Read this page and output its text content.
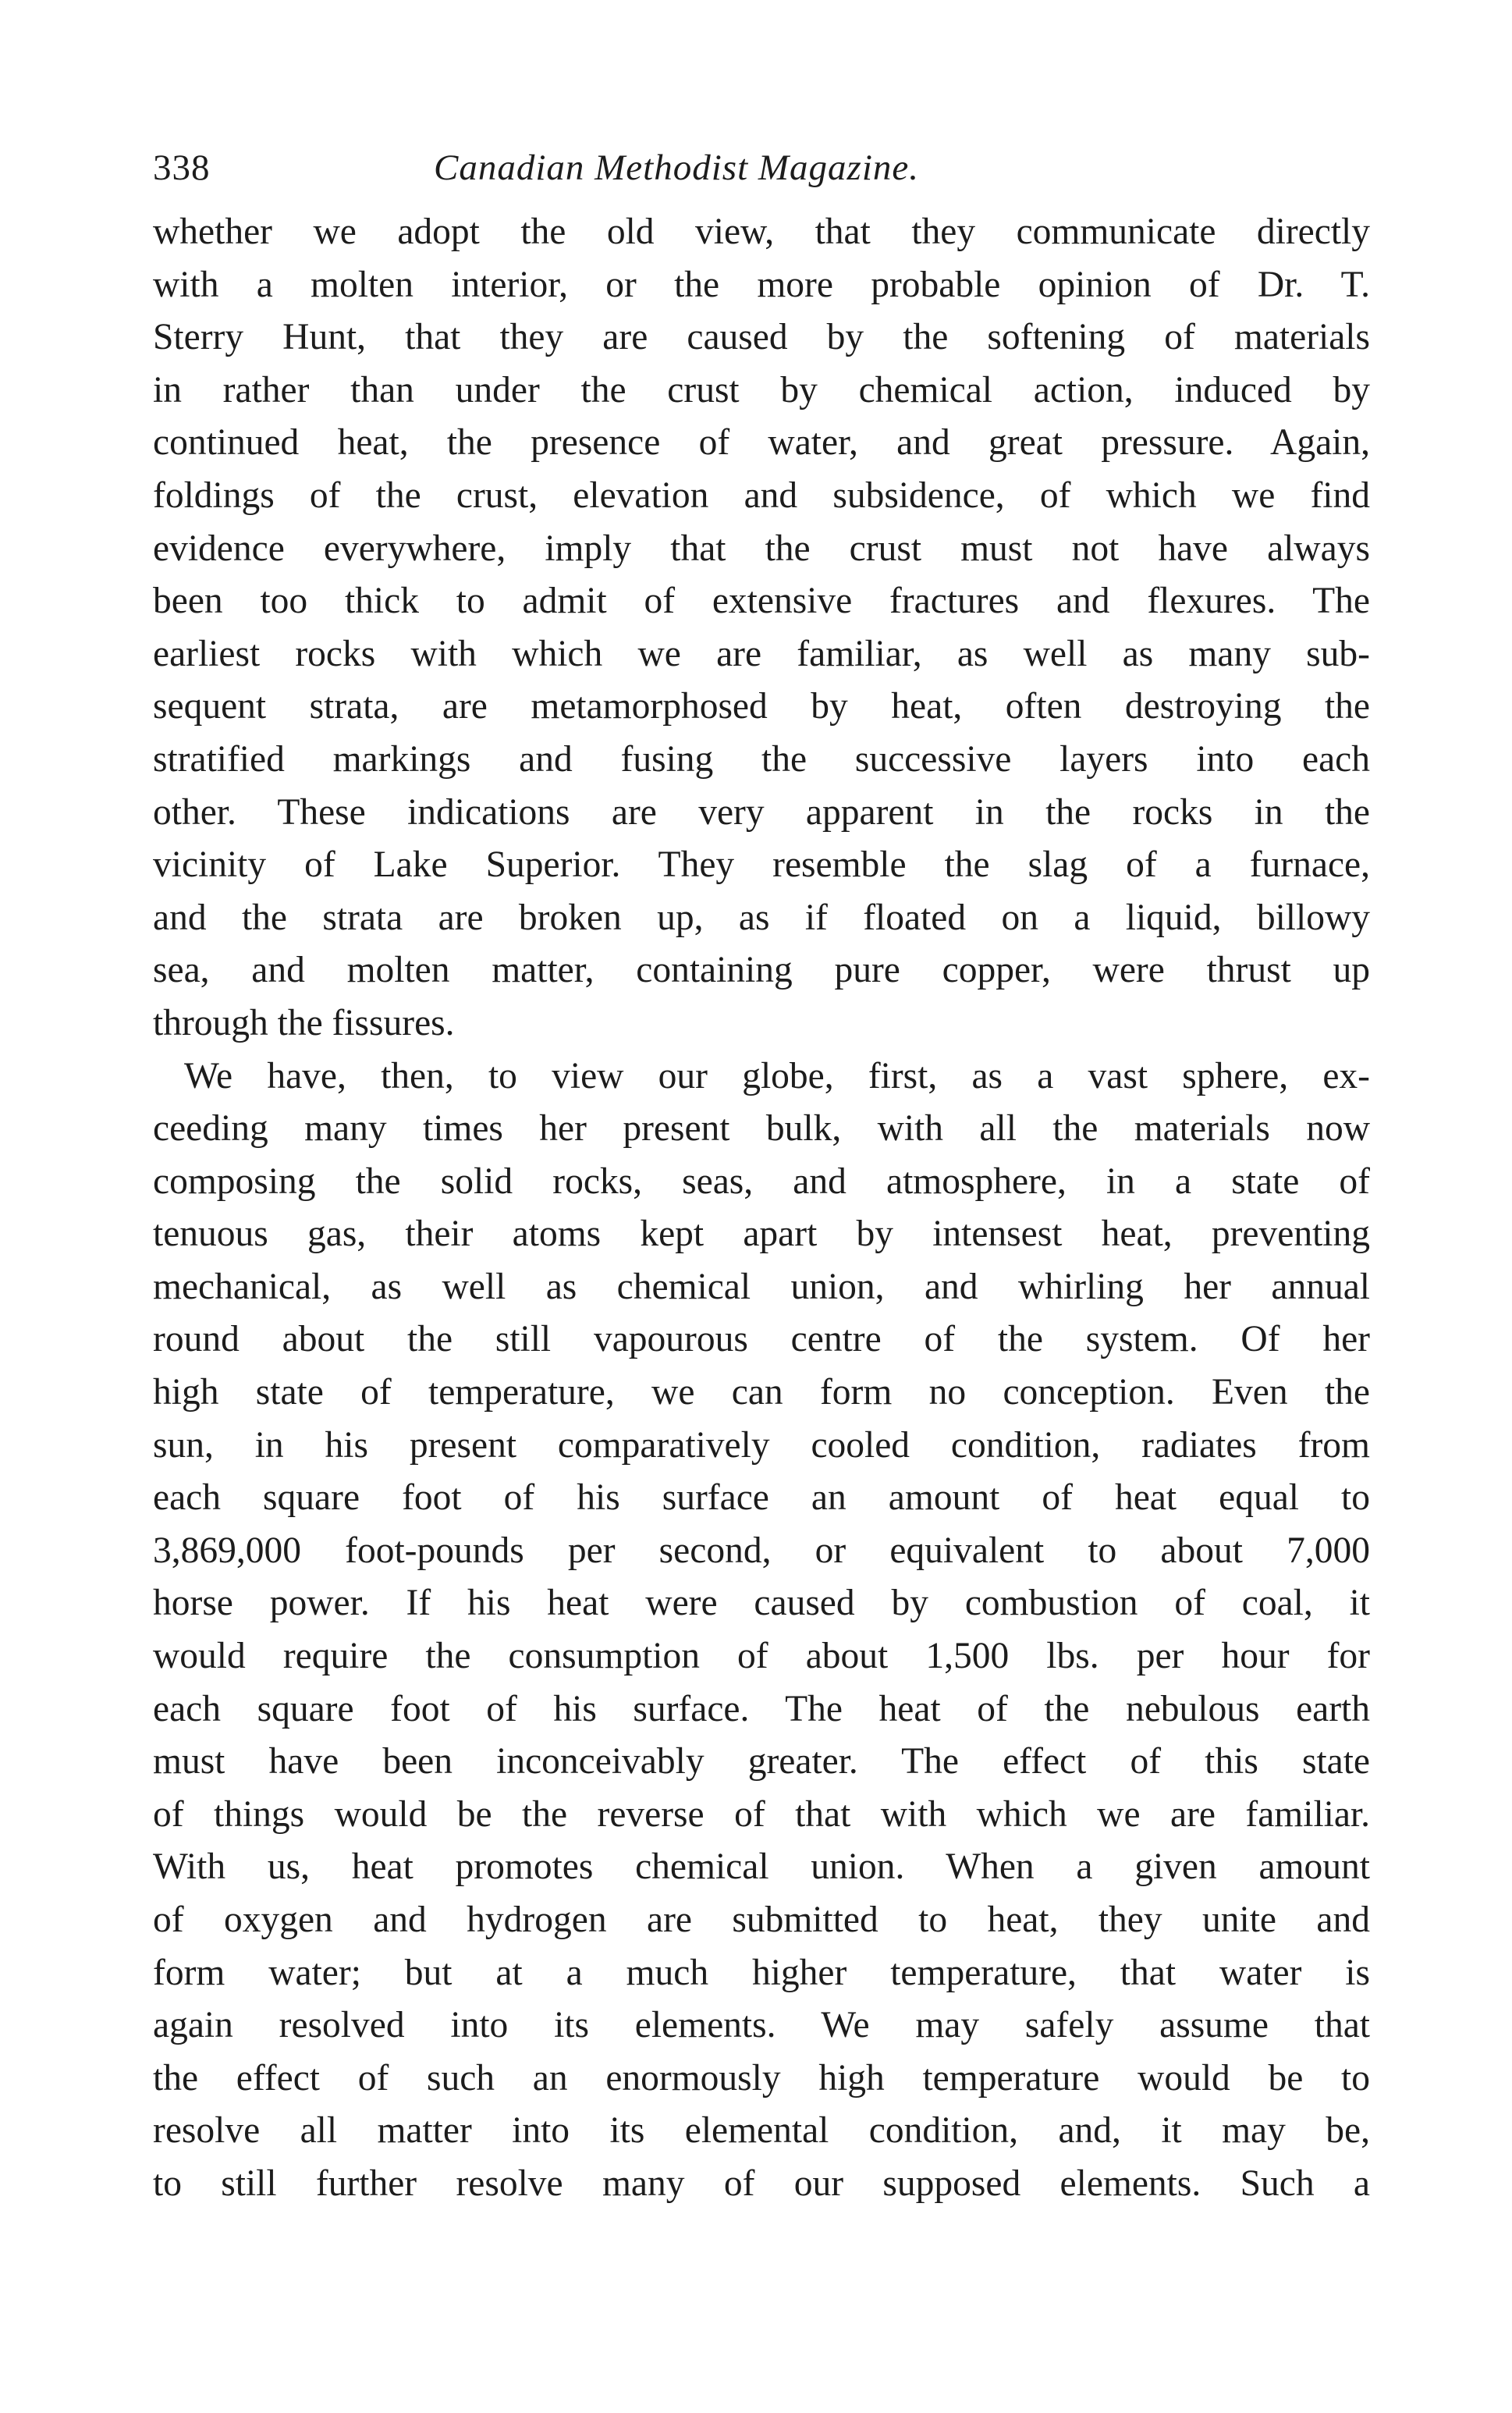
338	Canadian Methodist Magazine.

whether we adopt the old view, that they communicate directly
with a molten interior, or the more probable opinion of Dr. T.
Sterry Hunt, that they are caused by the softening of materials
in rather than under the crust by chemical action, induced by
continued heat, the presence of water, and great pressure. Again,
foldings of the crust, elevation and subsidence, of which we find
evidence everywhere, imply that the crust must not have always
been too thick to admit of extensive fractures and flexures. The
earliest rocks with which we are familiar, as well as many sub-
sequent strata, are metamorphosed by heat, often destroying the
stratified markings and fusing the successive layers into each
other. These indications are very apparent in the rocks in the
vicinity of Lake Superior. They resemble the slag of a furnace,
and the strata are broken up, as if floated on a liquid, billowy
sea, and molten matter, containing pure copper, were thrust up
through the fissures.

We have, then, to view our globe, first, as a vast sphere, ex-
ceeding many times her present bulk, with all the materials now
composing the solid rocks, seas, and atmosphere, in a state of
tenuous gas, their atoms kept apart by intensest heat, preventing
mechanical, as well as chemical union, and whirling her annual
round about the still vapourous centre of the system. Of her
high state of temperature, we can form no conception. Even the
sun, in his present comparatively cooled condition, radiates from
each square foot of his surface an amount of heat equal to
3,869,000 foot-pounds per second, or equivalent to about 7,000
horse power. If his heat were caused by combustion of coal, it
would require the consumption of about 1,500 lbs. per hour for
each square foot of his surface. The heat of the nebulous earth
must have been inconceivably greater. The effect of this state
of things would be the reverse of that with which we are familiar.
With us, heat promotes chemical union. When a given amount
of oxygen and hydrogen are submitted to heat, they unite and
form water; but at a much higher temperature, that water is
again resolved into its elements. We may safely assume that
the effect of such an enormously high temperature would be to
resolve all matter into its elemental condition, and, it may be,
to still further resolve many of our supposed elements. Such a
